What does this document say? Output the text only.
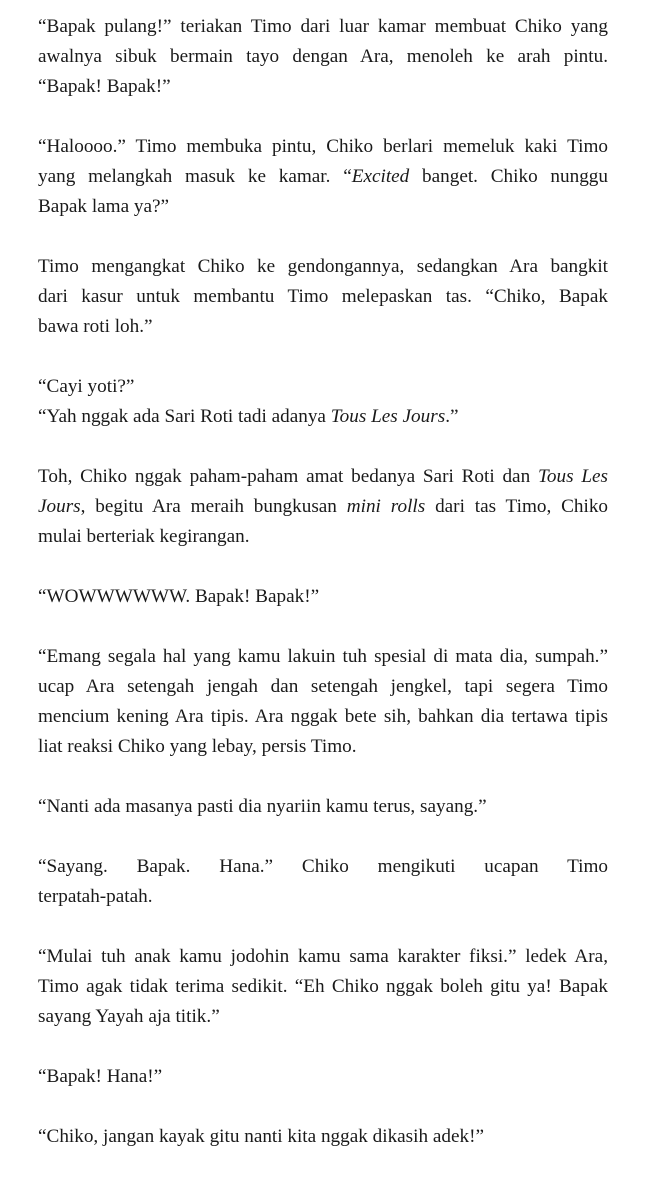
“Bapak pulang!” teriakan Timo dari luar kamar membuat Chiko yang
awalnya sibuk bermain tayo dengan Ara, menoleh ke arah pintu.
“Bapak! Bapak!”

“Haloooo.” Timo membuka pintu, Chiko berlari memeluk kaki Timo
yang melangkah masuk ke kamar. “Excited banget. Chiko nunggu
Bapak lama ya?”

Timo mengangkat Chiko ke gendongannya, sedangkan Ara bangkit
dari kasur untuk membantu Timo melepaskan tas. “Chiko, Bapak
bawa roti loh.”

“Cayi yoti?”
“Yah nggak ada Sari Roti tadi adanya Tous Les Jours.”

Toh, Chiko nggak paham-paham amat bedanya Sari Roti dan Tous Les
Jours, begitu Ara meraih bungkusan mini rolls dari tas Timo, Chiko
mulai berteriak kegirangan.

“WOWWWWWW. Bapak! Bapak!”

“Emang segala hal yang kamu lakuin tuh spesial di mata dia, sumpah.”
ucap Ara setengah jengah dan setengah jengkel, tapi segera Timo
mencium kening Ara tipis. Ara nggak bete sih, bahkan dia tertawa tipis
liat reaksi Chiko yang lebay, persis Timo.

“Nanti ada masanya pasti dia nyariin kamu terus, sayang.”

“Sayang. Bapak. Hana.” Chiko mengikuti ucapan Timo
terpatah-patah.

“Mulai tuh anak kamu jodohin kamu sama karakter fiksi.” ledek Ara,
Timo agak tidak terima sedikit. “Eh Chiko nggak boleh gitu ya! Bapak
sayang Yayah aja titik.”

“Bapak! Hana!”

“Chiko, jangan kayak gitu nanti kita nggak dikasih adek!”
